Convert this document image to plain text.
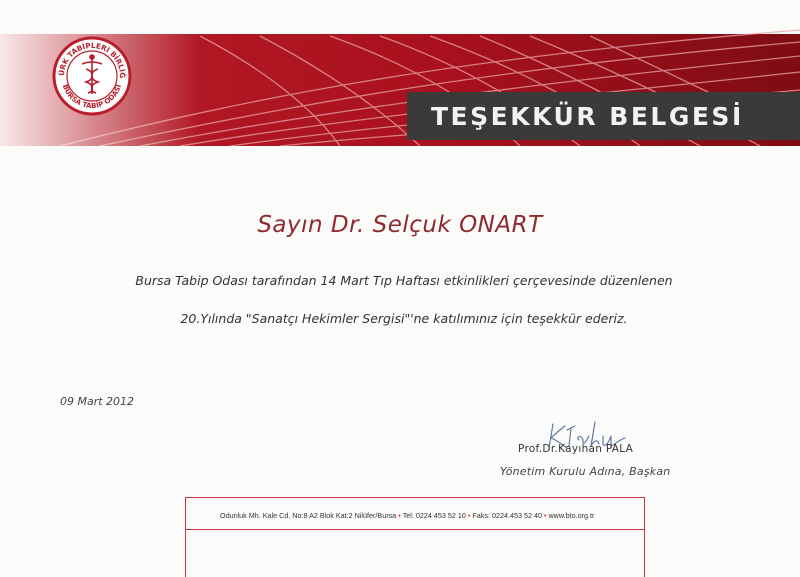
ÜRK TABİPLERİ BİRLİĞ
BURSA TABİP ODASI
TEŞEKKÜR BELGESİ
Sayın Dr. Selçuk ONART
Bursa Tabip Odası tarafından 14 Mart Tıp Haftası etkinlikleri çerçevesinde düzenlenen
20.Yılında "Sanatçı Hekimler Sergisi"'ne katılımınız için teşekkür ederiz.
09 Mart 2012
Prof.Dr.Kayıhan PALA
Yönetim Kurulu Adına, Başkan
Odunluk Mh. Kale Cd. No:8 A2 Blok Kat:2 Nilüfer/Bursa • Tel: 0224 453 52 10 • Faks: 0224.453 52 40 • www.bto.org.tr
